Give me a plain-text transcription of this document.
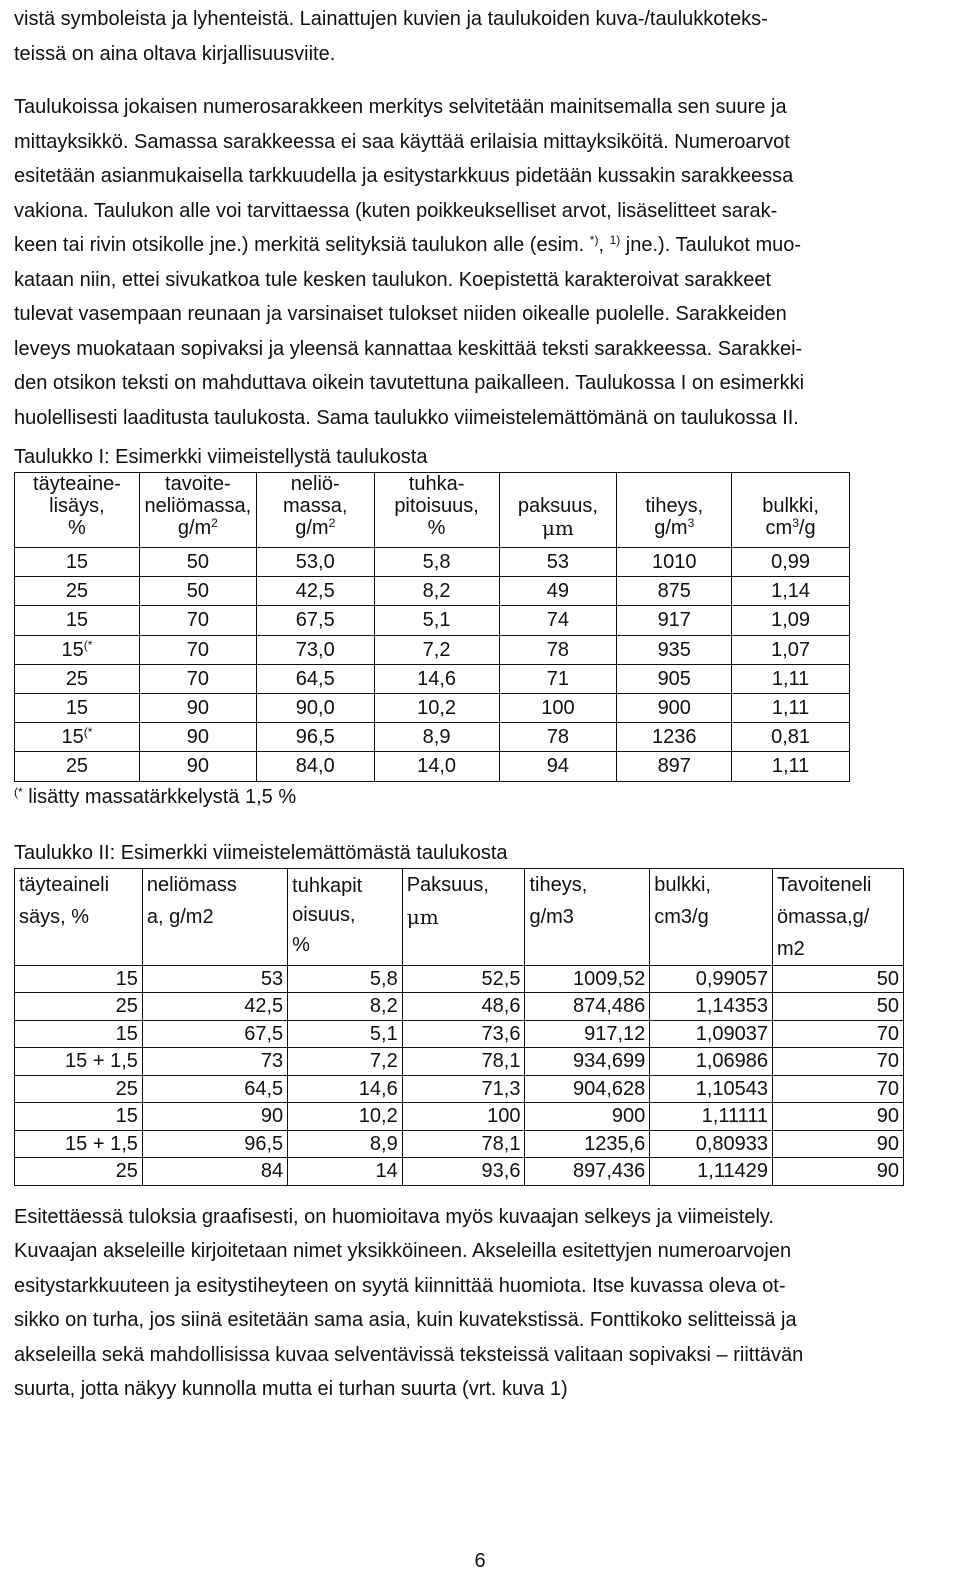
vistä symboleista ja lyhenteistä. Lainattujen kuvien ja taulukoiden kuva-/taulukkoteks-

teissä on aina oltava kirjallisuusviite.

Taulukoissa jokaisen numerosarakkeen merkitys selvitetään mainitsemalla sen suure ja

mittayksikkö. Samassa sarakkeessa ei saa käyttää erilaisia mittayksiköitä. Numeroarvot

esitetään asianmukaisella tarkkuudella ja esitystarkkuus pidetään kussakin sarakkeessa

vakiona. Taulukon alle voi tarvittaessa (kuten poikkeukselliset arvot, lisäselitteet sarak-

keen tai rivin otsikolle jne.) merkitä selityksiä taulukon alle (esim. *), $^{1)}$ jne.). Taulukot muo-

kataan niin, ettei sivukatkoa tule kesken taulukon. Koepistettä karakteroivat sarakkeet

tulevat vasempaan reunaan ja varsinaiset tulokset niiden oikealle puolelle. Sarakkeiden

leveys muokataan sopivaksi ja yleensä kannattaa keskittää teksti sarakkeessa. Sarakkei-

den otsikon teksti on mahduttava oikein tavutettuna paikalleen. Taulukossa I on esimerkki

huolellisesti laaditusta taulukosta. Sama taulukko viimeistelemättömänä on taulukossa II.

Taulukko I: Esimerkki viimeistellystä taulukosta

täyteaine-
lisäys,
%	tavoite-
neliömassa,
$g/m^2$	neliö-
massa,
$g/m^2$	tuhka-
pitoisuus,
%	paksuus,
μm	tiheys,
$g/m^3$	bulkki,
$cm^3/g$

15	50	53,0	5,8	53	1010	0,99
25	50	42,5	8,2	49	875	1,14
15	70	67,5	5,1	74	917	1,09
15(*	70	73,0	7,2	78	935	1,07
25	70	64,5	14,6	71	905	1,11
15	90	90,0	10,2	100	900	1,11
15(*	90	96,5	8,9	78	1236	0,81
25	90	84,0	14,0	94	897	1,11

(* lisätty massatärkkelystä 1,5 %

Taulukko II: Esimerkki viimeistelemättömästä taulukosta

täyteaineli
säys, %	neliömass
a, g/m2	tuhkapit
oisuus,
%	Paksuus,
μm	tiheys,
g/m3	bulkki,
cm3/g	Tavoiteneli
ömassa,g/
m2

15	53	5,8	52,5	1009,52	0,99057	50
25	42,5	8,2	48,6	874,486	1,14353	50
15	67,5	5,1	73,6	917,12	1,09037	70
15 + 1,5	73	7,2	78,1	934,699	1,06986	70
25	64,5	14,6	71,3	904,628	1,10543	70
15	90	10,2	100	900	1,11111	90
15 + 1,5	96,5	8,9	78,1	1235,6	0,80933	90
25	84	14	93,6	897,436	1,11429	90

Esitettäessä tuloksia graafisesti, on huomioitava myös kuvaajan selkeys ja viimeistely.

Kuvaajan akseleille kirjoitetaan nimet yksikköineen. Akseleilla esitettyjen numeroarvojen

esitystarkkuuteen ja esitystiheyteen on syytä kiinnittää huomiota. Itse kuvassa oleva ot-

sikko on turha, jos siinä esitetään sama asia, kuin kuvatekstissä. Fonttikoko selitteissä ja

akseleilla sekä mahdollisissa kuvaa selventävissä teksteissä valitaan sopivaksi – riittävän

suurta, jotta näkyy kunnolla mutta ei turhan suurta (vrt. kuva 1)

6
